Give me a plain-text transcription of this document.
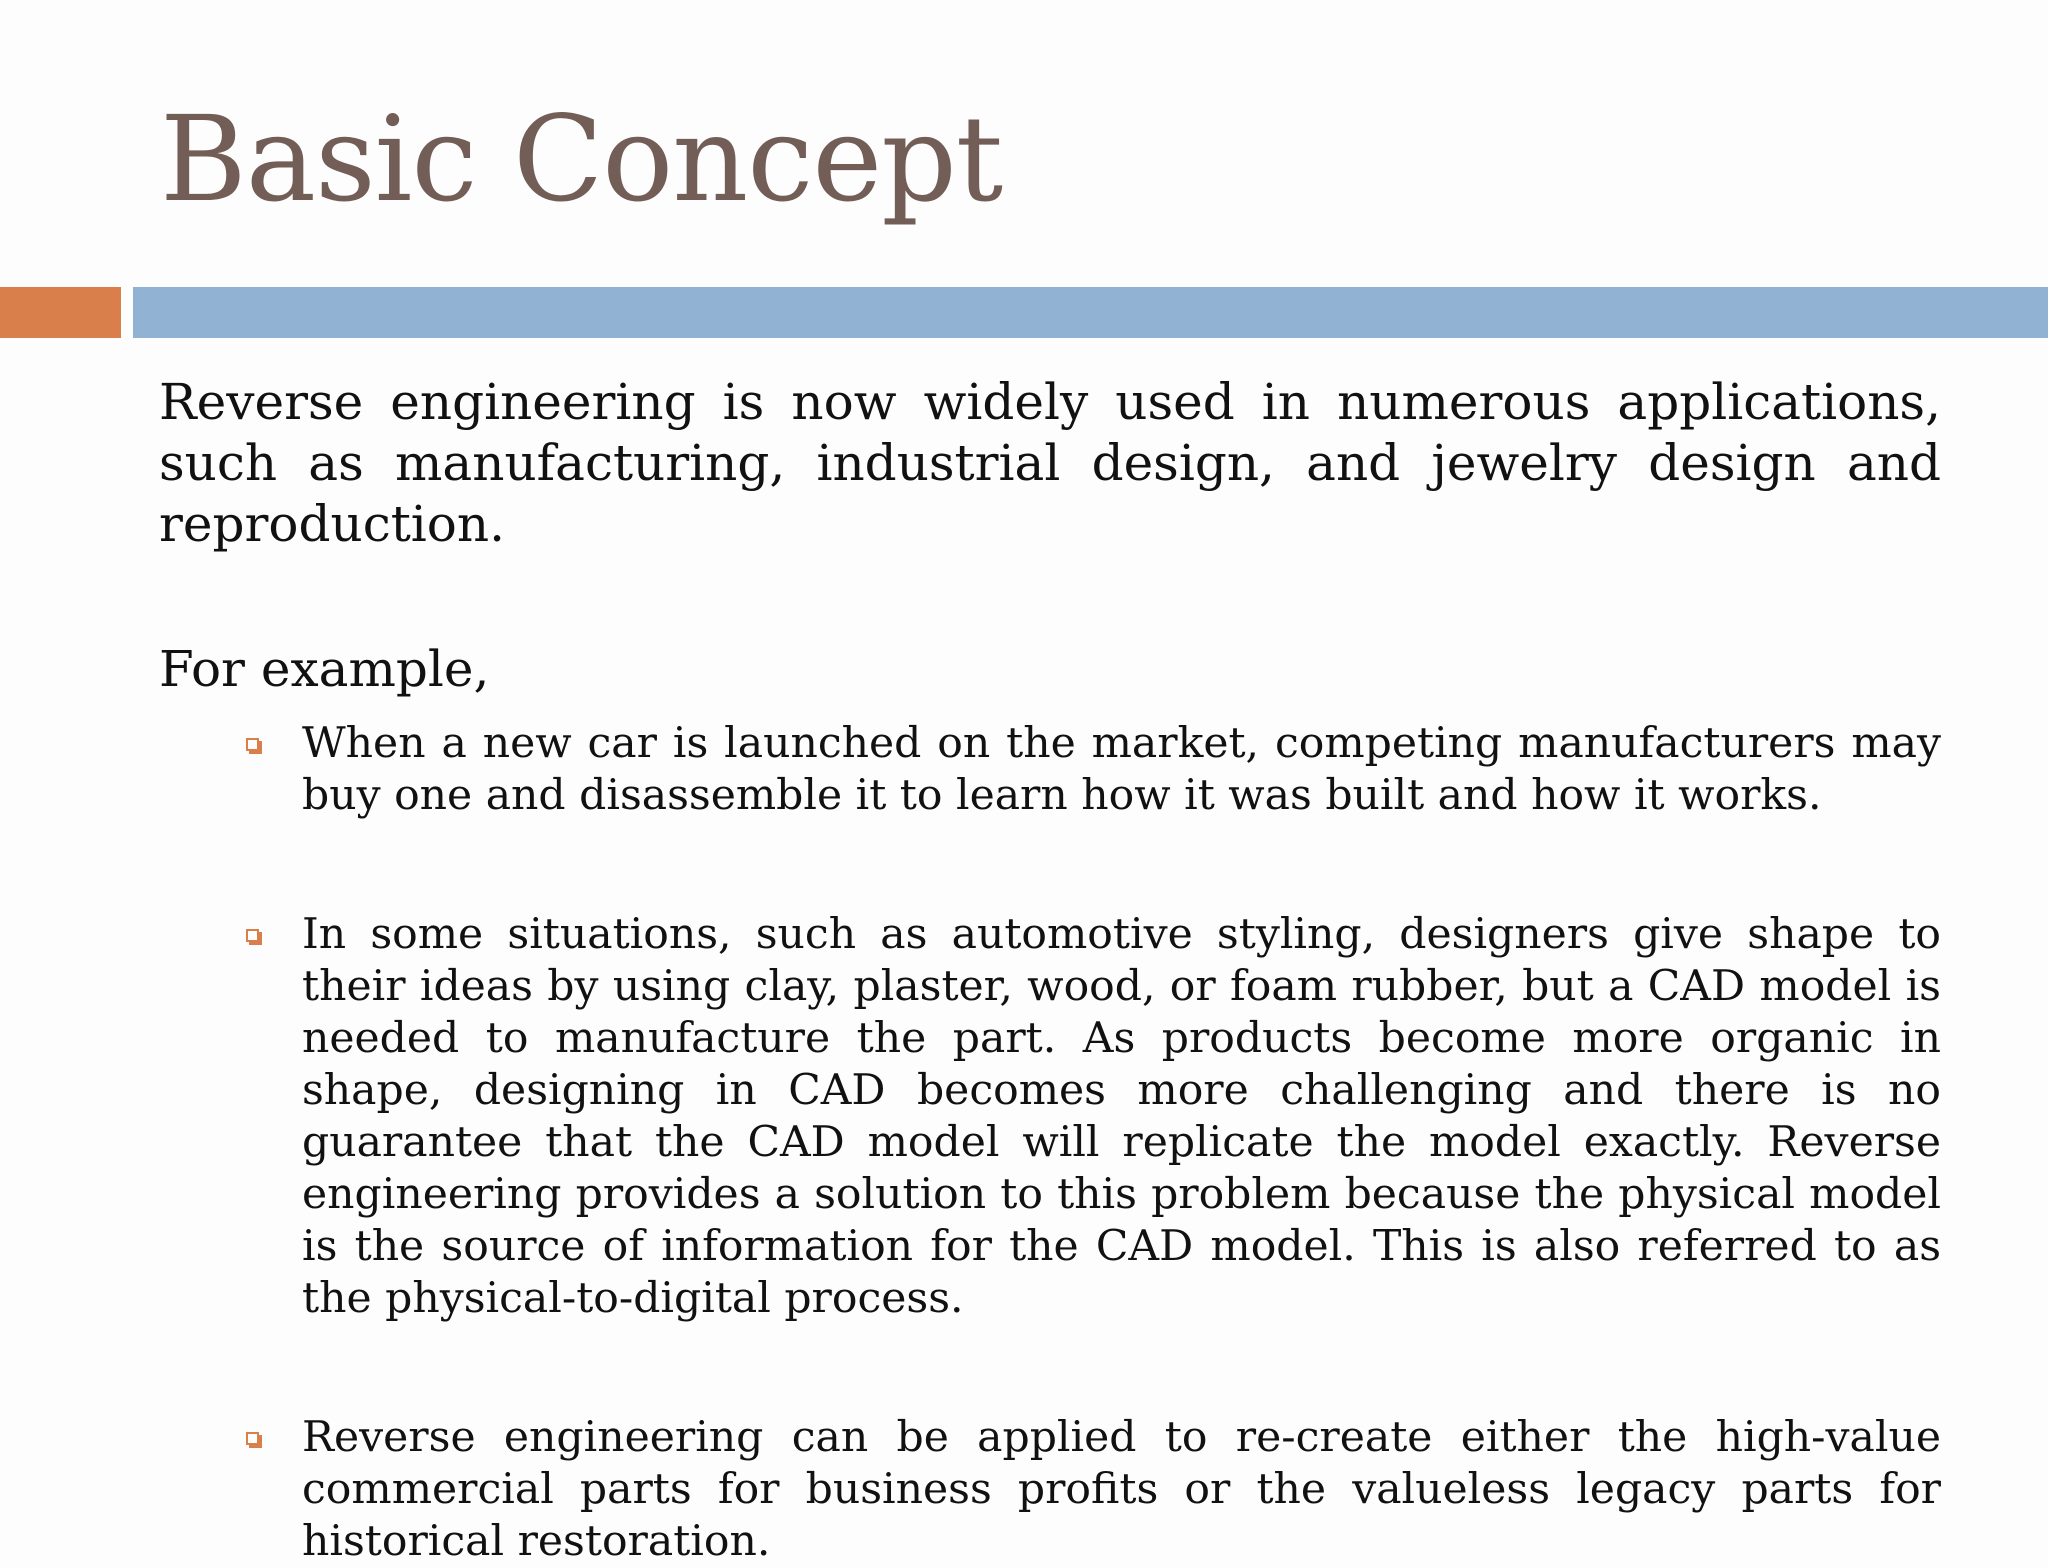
Basic Concept

Reverse engineering is now widely used in numerous applications, such as manufacturing, industrial design, and jewelry design and reproduction.

For example,

When a new car is launched on the market, competing manufacturers may buy one and disassemble it to learn how it was built and how it works.
In some situations, such as automotive styling, designers give shape to their ideas by using clay, plaster, wood, or foam rubber, but a CAD model is needed to manufacture the part. As products become more organic in shape, designing in CAD becomes more challenging and there is no guarantee that the CAD model will replicate the model exactly. Reverse engineering provides a solution to this problem because the physical model is the source of information for the CAD model. This is also referred to as the physical-to-digital process.
Reverse engineering can be applied to re-create either the high-value commercial parts for business profits or the valueless legacy parts for historical restoration.
